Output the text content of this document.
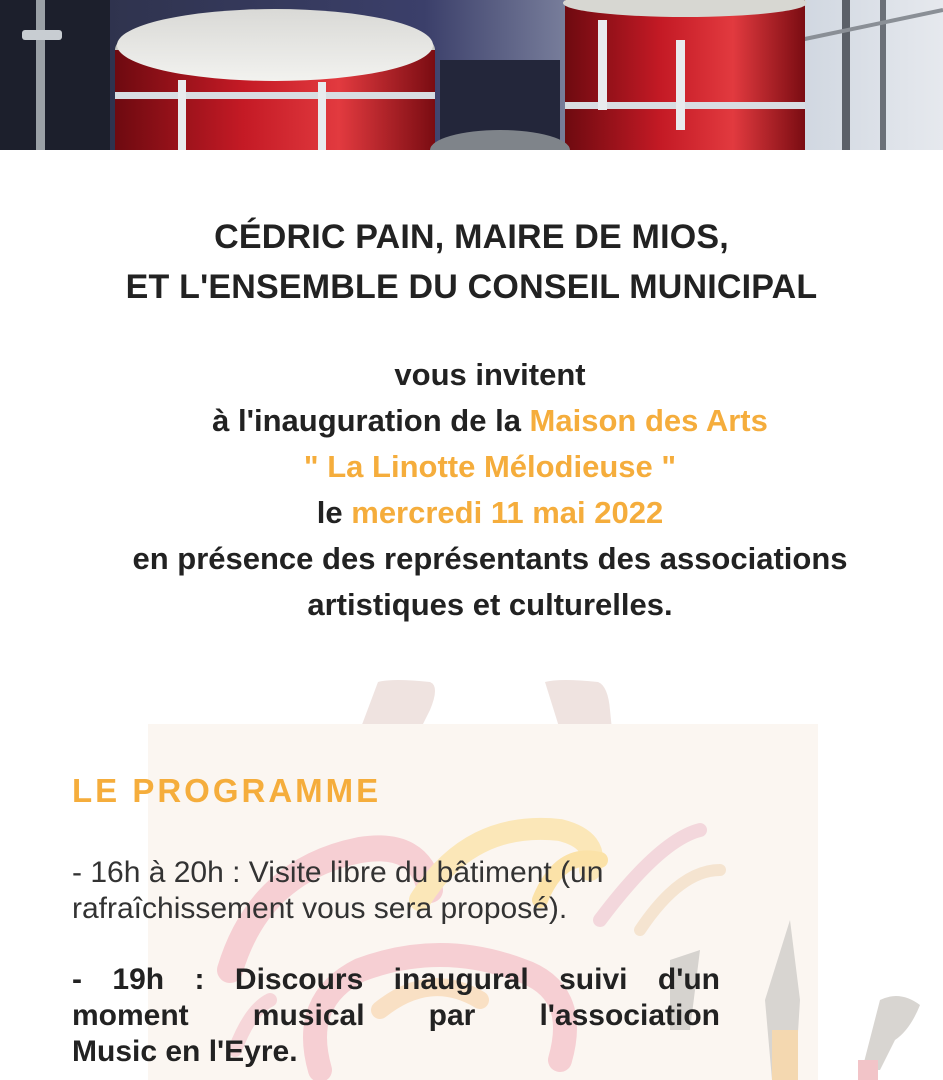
CÉDRIC PAIN, MAIRE DE MIOS,
ET L'ENSEMBLE DU CONSEIL MUNICIPAL
vous invitent
à l'inauguration de la Maison des Arts
" La Linotte Mélodieuse "
le mercredi 11 mai 2022
en présence des représentants des associations
artistiques et culturelles.
LE PROGRAMME
- 16h à 20h : Visite libre du bâtiment (un
rafraîchissement vous sera proposé).
- 19h : Discours inaugural suivi d'un
moment musical par l'association
Music en l'Eyre.
